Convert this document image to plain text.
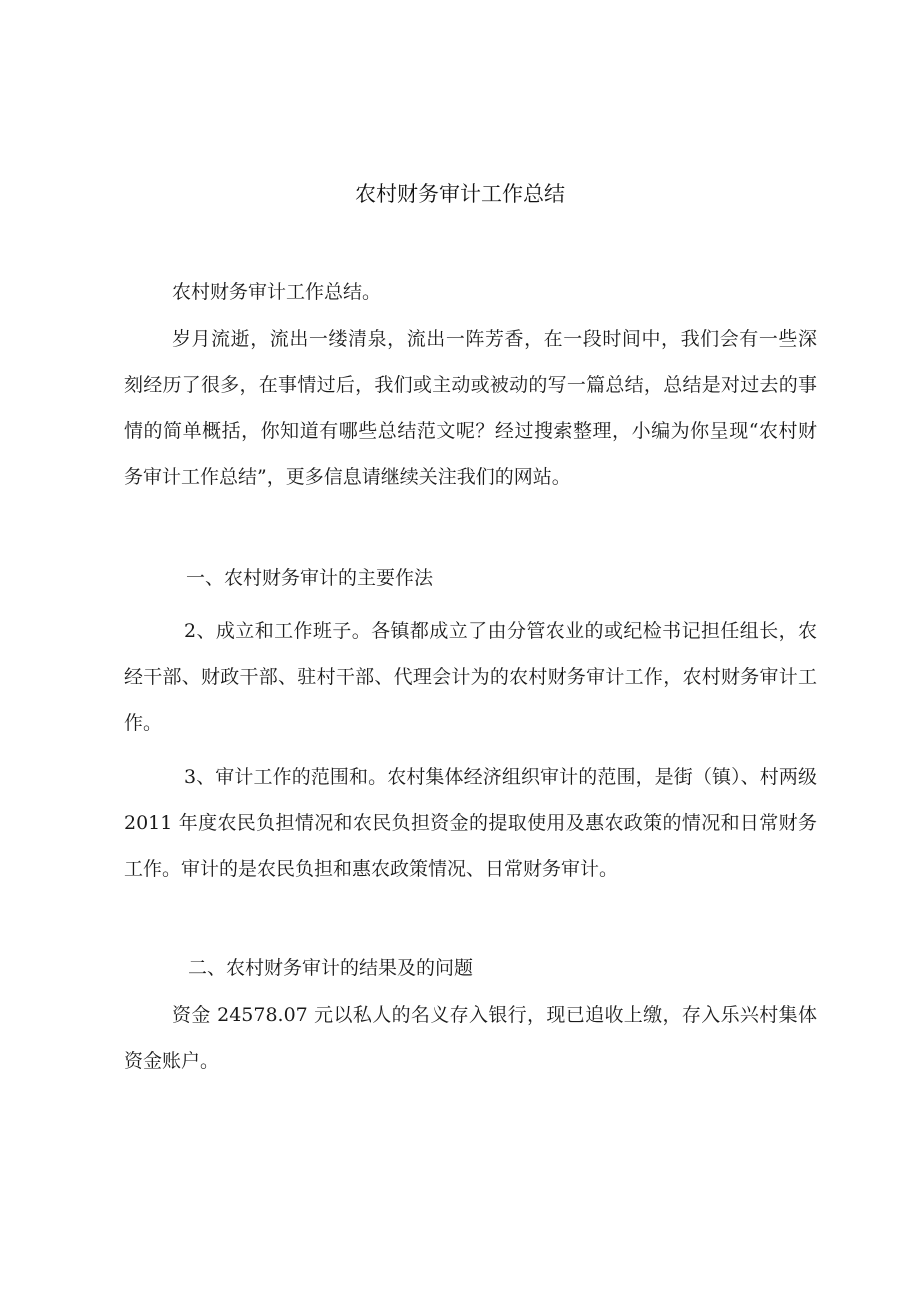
农村财务审计工作总结

农村财务审计工作总结。

岁月流逝，流出一缕清泉，流出一阵芳香，在一段时间中，我们会有一些深刻经历了很多，在事情过后，我们或主动或被动的写一篇总结，总结是对过去的事情的简单概括，你知道有哪些总结范文呢？经过搜索整理，小编为你呈现“农村财务审计工作总结”，更多信息请继续关注我们的网站。

一、农村财务审计的主要作法

2、成立和工作班子。各镇都成立了由分管农业的或纪检书记担任组长，农经干部、财政干部、驻村干部、代理会计为的农村财务审计工作，农村财务审计工作。

3、审计工作的范围和。农村集体经济组织审计的范围，是街（镇）、村两级 2011 年度农民负担情况和农民负担资金的提取使用及惠农政策的情况和日常财务工作。审计的是农民负担和惠农政策情况、日常财务审计。

二、农村财务审计的结果及的问题

资金 24578.07 元以私人的名义存入银行，现已追收上缴，存入乐兴村集体资金账户。
